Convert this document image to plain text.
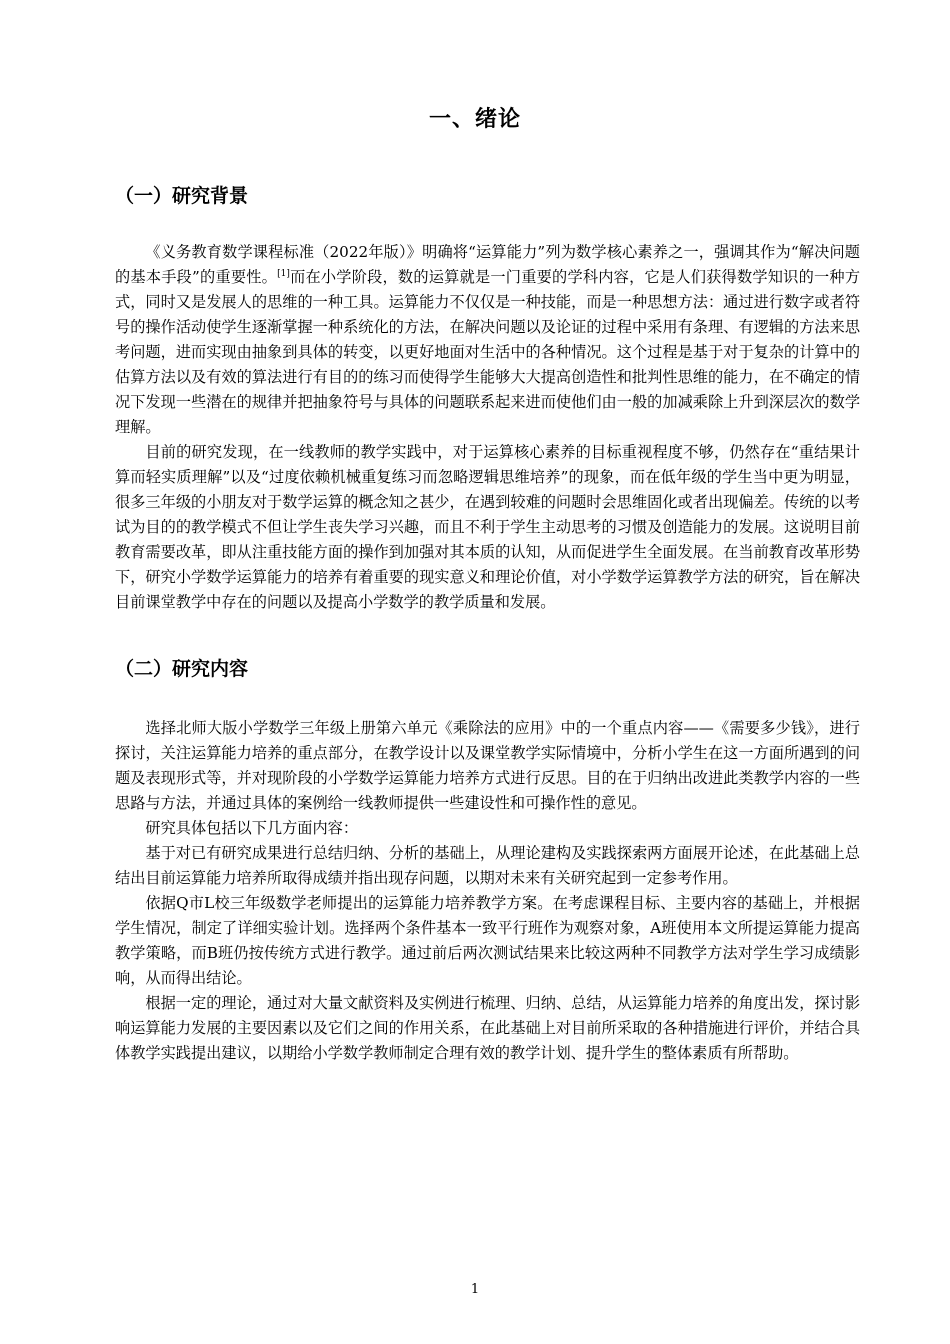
一、绪论
（一）研究背景

《义务教育数学课程标准（2022年版）》明确将“运算能力”列为数学核心素养之一，强调其作为“解决问题的基本手段”的重要性。[1]而在小学阶段，数的运算就是一门重要的学科内容，它是人们获得数学知识的一种方式，同时又是发展人的思维的一种工具。运算能力不仅仅是一种技能，而是一种思想方法：通过进行数字或者符号的操作活动使学生逐渐掌握一种系统化的方法，在解决问题以及论证的过程中采用有条理、有逻辑的方法来思考问题，进而实现由抽象到具体的转变，以更好地面对生活中的各种情况。这个过程是基于对于复杂的计算中的估算方法以及有效的算法进行有目的的练习而使得学生能够大大提高创造性和批判性思维的能力，在不确定的情况下发现一些潜在的规律并把抽象符号与具体的问题联系起来进而使他们由一般的加减乘除上升到深层次的数学理解。

目前的研究发现，在一线教师的教学实践中，对于运算核心素养的目标重视程度不够，仍然存在“重结果计算而轻实质理解”以及“过度依赖机械重复练习而忽略逻辑思维培养”的现象，而在低年级的学生当中更为明显，很多三年级的小朋友对于数学运算的概念知之甚少，在遇到较难的问题时会思维固化或者出现偏差。传统的以考试为目的的教学模式不但让学生丧失学习兴趣，而且不利于学生主动思考的习惯及创造能力的发展。这说明目前教育需要改革，即从注重技能方面的操作到加强对其本质的认知，从而促进学生全面发展。在当前教育改革形势下，研究小学数学运算能力的培养有着重要的现实意义和理论价值，对小学数学运算教学方法的研究，旨在解决目前课堂教学中存在的问题以及提高小学数学的教学质量和发展。

（二）研究内容

选择北师大版小学数学三年级上册第六单元《乘除法的应用》中的一个重点内容——《需要多少钱》，进行探讨，关注运算能力培养的重点部分，在教学设计以及课堂教学实际情境中，分析小学生在这一方面所遇到的问题及表现形式等，并对现阶段的小学数学运算能力培养方式进行反思。目的在于归纳出改进此类教学内容的一些思路与方法，并通过具体的案例给一线教师提供一些建设性和可操作性的意见。

研究具体包括以下几方面内容：

基于对已有研究成果进行总结归纳、分析的基础上，从理论建构及实践探索两方面展开论述，在此基础上总结出目前运算能力培养所取得成绩并指出现存问题，以期对未来有关研究起到一定参考作用。

依据Q市L校三年级数学老师提出的运算能力培养教学方案。在考虑课程目标、主要内容的基础上，并根据学生情况，制定了详细实验计划。选择两个条件基本一致平行班作为观察对象，A班使用本文所提运算能力提高教学策略，而B班仍按传统方式进行教学。通过前后两次测试结果来比较这两种不同教学方法对学生学习成绩影响，从而得出结论。

根据一定的理论，通过对大量文献资料及实例进行梳理、归纳、总结，从运算能力培养的角度出发，探讨影响运算能力发展的主要因素以及它们之间的作用关系，在此基础上对目前所采取的各种措施进行评价，并结合具体教学实践提出建议，以期给小学数学教师制定合理有效的教学计划、提升学生的整体素质有所帮助。

1
